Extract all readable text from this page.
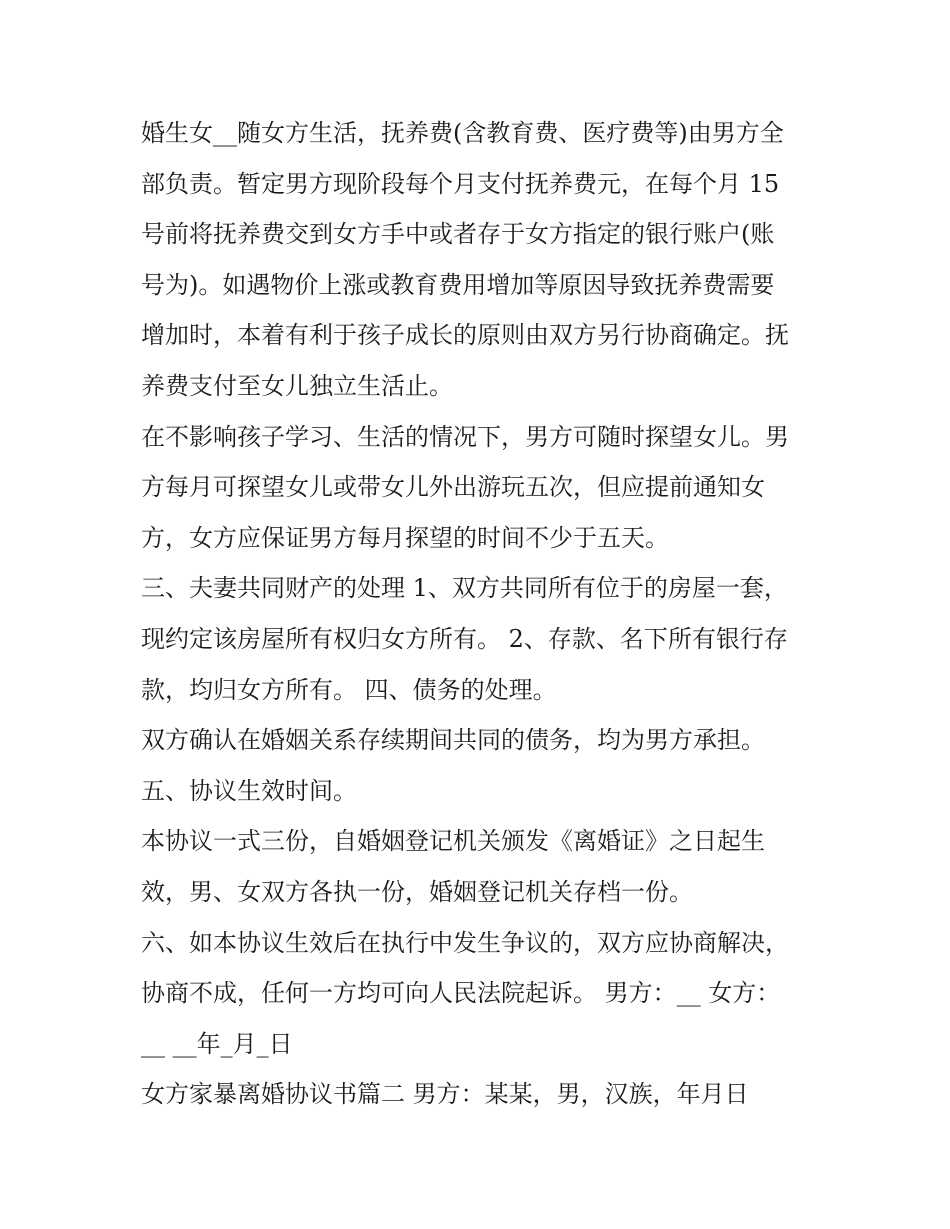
婚生女__随女方生活，抚养费(含教育费、医疗费等)由男方全
部负责。暂定男方现阶段每个月支付抚养费元，在每个月 15
号前将抚养费交到女方手中或者存于女方指定的银行账户(账
号为)。如遇物价上涨或教育费用增加等原因导致抚养费需要
增加时，本着有利于孩子成长的原则由双方另行协商确定。抚
养费支付至女儿独立生活止。
在不影响孩子学习、生活的情况下，男方可随时探望女儿。男
方每月可探望女儿或带女儿外出游玩五次，但应提前通知女
方，女方应保证男方每月探望的时间不少于五天。
三、夫妻共同财产的处理 1、双方共同所有位于的房屋一套，
现约定该房屋所有权归女方所有。 2、存款、名下所有银行存
款，均归女方所有。 四、债务的处理。
双方确认在婚姻关系存续期间共同的债务，均为男方承担。
五、协议生效时间。
本协议一式三份，自婚姻登记机关颁发《离婚证》之日起生
效，男、女双方各执一份，婚姻登记机关存档一份。
六、如本协议生效后在执行中发生争议的，双方应协商解决，
协商不成，任何一方均可向人民法院起诉。 男方：__ 女方：
__ __年_月_日
女方家暴离婚协议书篇二 男方：某某，男，汉族，年月日
